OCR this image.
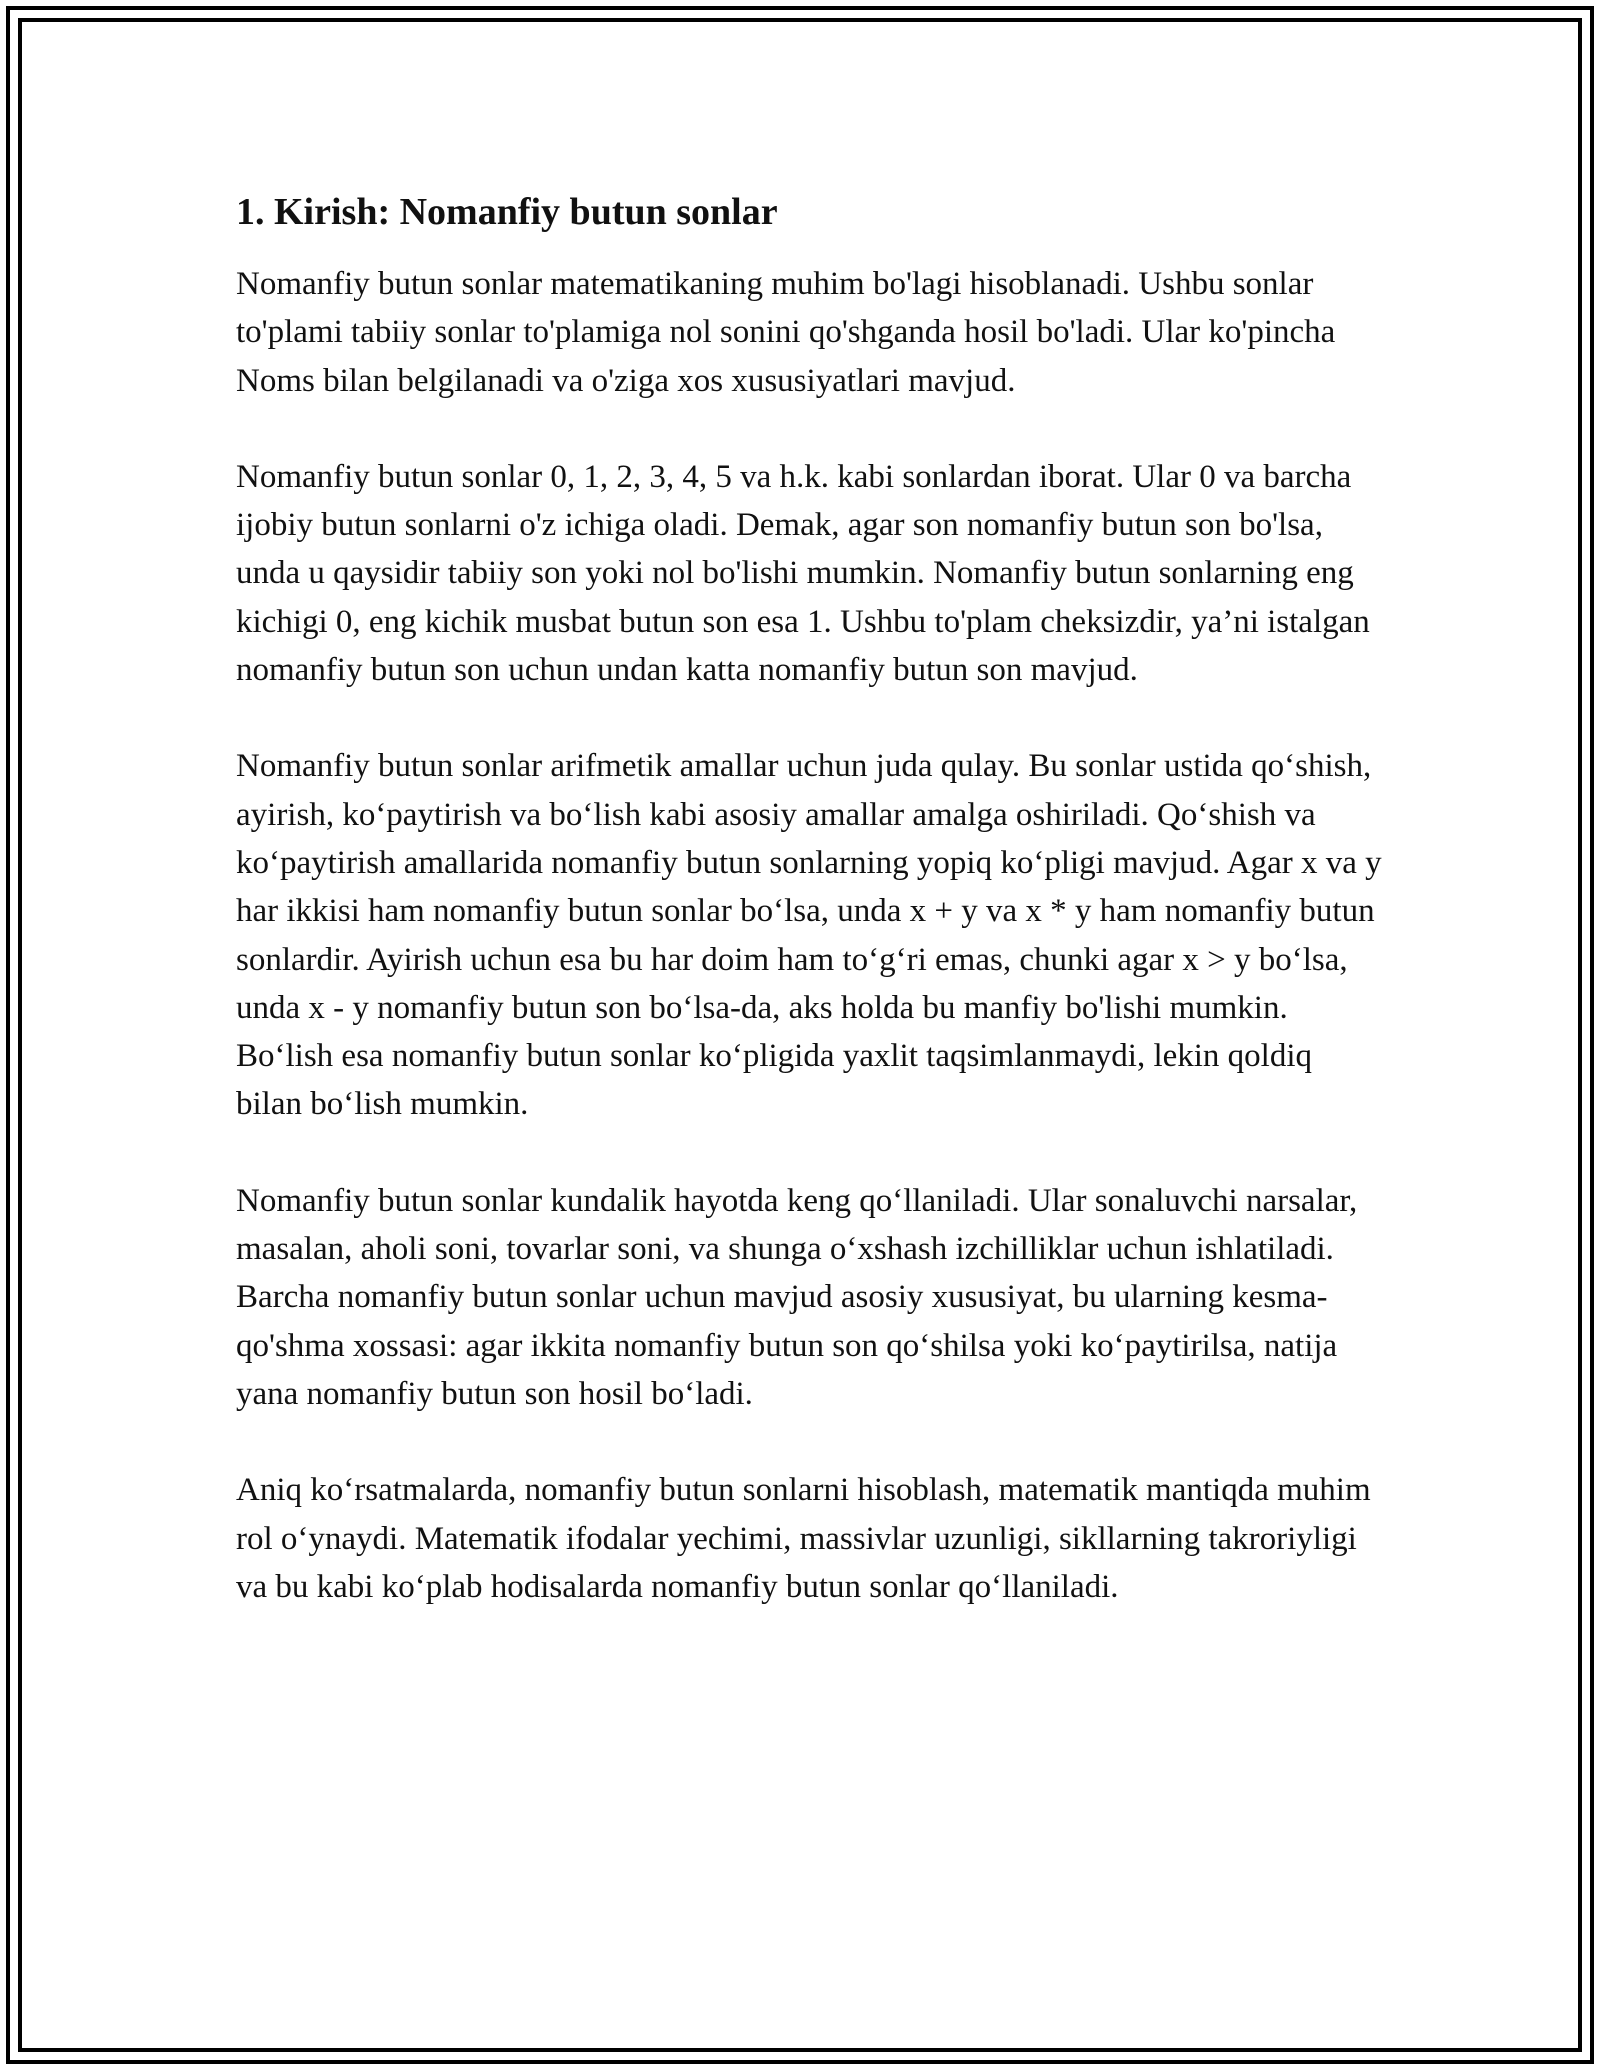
1. Kirish: Nomanfiy butun sonlar

Nomanfiy butun sonlar matematikaning muhim bo'lagi hisoblanadi. Ushbu sonlar to'plami tabiiy sonlar to'plamiga nol sonini qo'shganda hosil bo'ladi. Ular ko'pincha Noms bilan belgilanadi va o'ziga xos xususiyatlari mavjud.

Nomanfiy butun sonlar 0, 1, 2, 3, 4, 5 va h.k. kabi sonlardan iborat. Ular 0 va barcha ijobiy butun sonlarni o'z ichiga oladi. Demak, agar son nomanfiy butun son bo'lsa, unda u qaysidir tabiiy son yoki nol bo'lishi mumkin. Nomanfiy butun sonlarning eng kichigi 0, eng kichik musbat butun son esa 1. Ushbu to'plam cheksizdir, ya’ni istalgan nomanfiy butun son uchun undan katta nomanfiy butun son mavjud.

Nomanfiy butun sonlar arifmetik amallar uchun juda qulay. Bu sonlar ustida qo‘shish, ayirish, ko‘paytirish va bo‘lish kabi asosiy amallar amalga oshiriladi. Qo‘shish va ko‘paytirish amallarida nomanfiy butun sonlarning yopiq ko‘pligi mavjud. Agar x va y har ikkisi ham nomanfiy butun sonlar bo‘lsa, unda x + y va x * y ham nomanfiy butun sonlardir. Ayirish uchun esa bu har doim ham to‘g‘ri emas, chunki agar x > y bo‘lsa, unda x - y nomanfiy butun son bo‘lsa-da, aks holda bu manfiy bo'lishi mumkin. Bo‘lish esa nomanfiy butun sonlar ko‘pligida yaxlit taqsimlanmaydi, lekin qoldiq bilan bo‘lish mumkin.

Nomanfiy butun sonlar kundalik hayotda keng qo‘llaniladi. Ular sonaluvchi narsalar, masalan, aholi soni, tovarlar soni, va shunga o‘xshash izchilliklar uchun ishlatiladi. Barcha nomanfiy butun sonlar uchun mavjud asosiy xususiyat, bu ularning kesma-qo'shma xossasi: agar ikkita nomanfiy butun son qo‘shilsa yoki ko‘paytirilsa, natija yana nomanfiy butun son hosil bo‘ladi.

Aniq ko‘rsatmalarda, nomanfiy butun sonlarni hisoblash, matematik mantiqda muhim rol o‘ynaydi. Matematik ifodalar yechimi, massivlar uzunligi, sikllarning takroriyligi va bu kabi ko‘plab hodisalarda nomanfiy butun sonlar qo‘llaniladi.
